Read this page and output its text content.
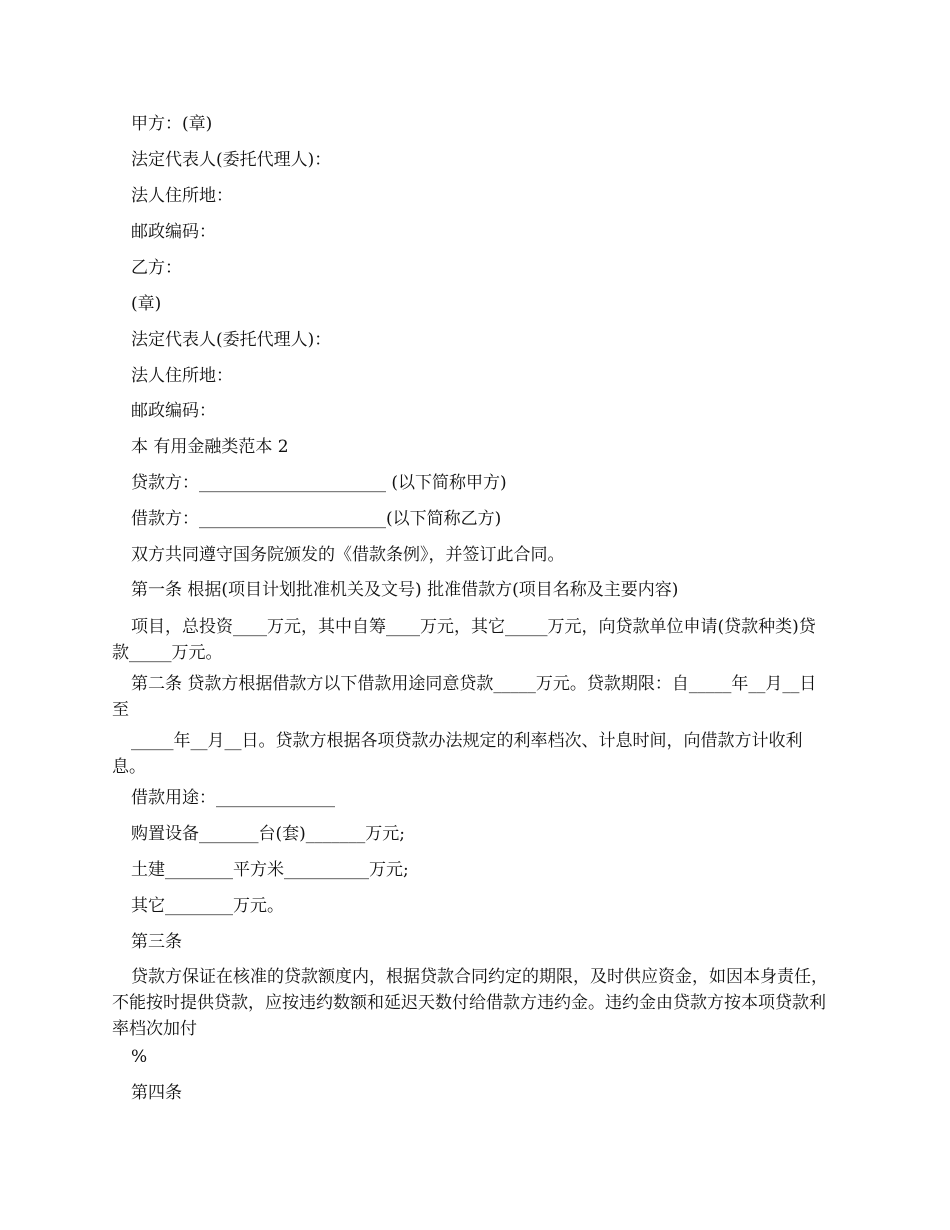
甲方：(章)

法定代表人(委托代理人)：

法人住所地：

邮政编码：

乙方：

(章)

法定代表人(委托代理人)：

法人住所地：

邮政编码：

本 有用金融类范本 2

贷款方：______________________ (以下简称甲方)

借款方：______________________(以下简称乙方)

双方共同遵守国务院颁发的《借款条例》，并签订此合同。

第一条 根据(项目计划批准机关及文号) 批准借款方(项目名称及主要内容)

项目，总投资____万元，其中自筹____万元，其它_____万元，向贷款单位申请(贷款种类)贷款_____万元。

第二条 贷款方根据借款方以下借款用途同意贷款_____万元。贷款期限：自_____年__月__日至

_____年__月__日。贷款方根据各项贷款办法规定的利率档次、计息时间，向借款方计收利息。

借款用途：______________

购置设备_______台(套)_______万元;

土建________平方米__________万元;

其它________万元。

第三条

贷款方保证在核准的贷款额度内，根据贷款合同约定的期限，及时供应资金，如因本身责任，不能按时提供贷款，应按违约数额和延迟天数付给借款方违约金。违约金由贷款方按本项贷款利率档次加付

%

第四条
